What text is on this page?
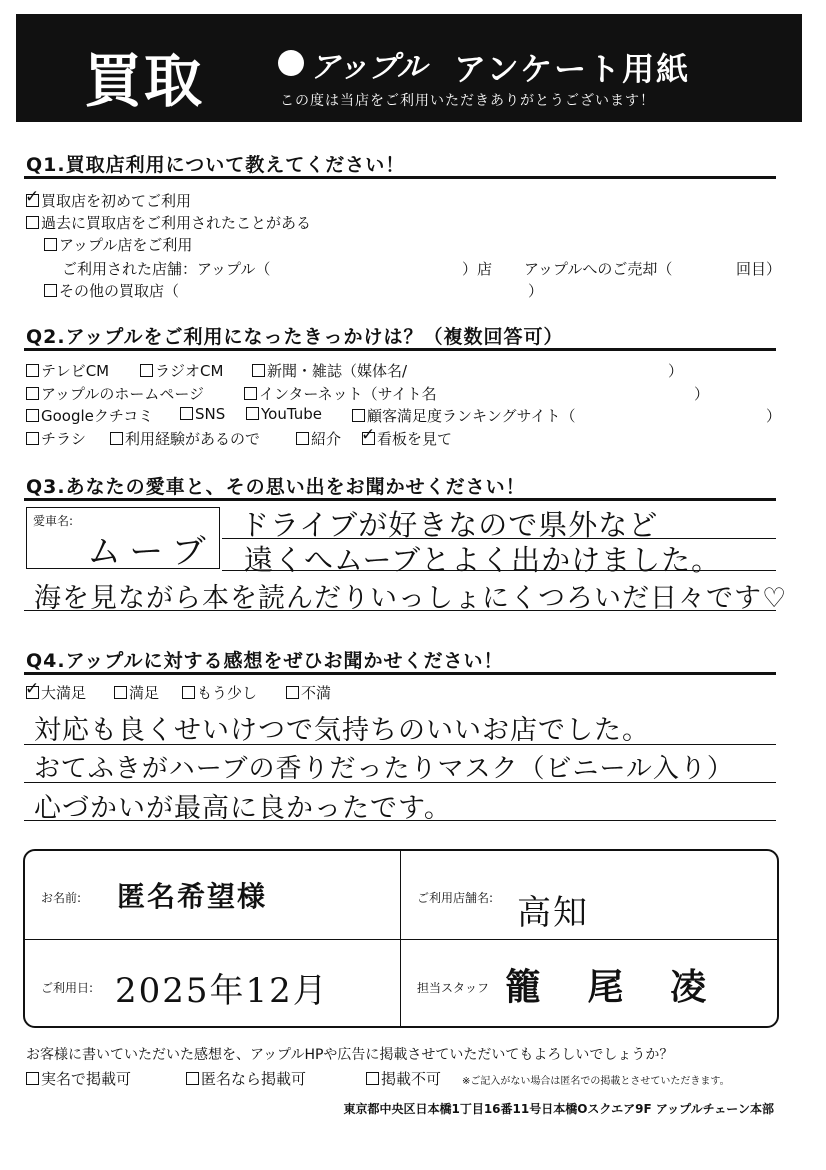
買取	アップル アンケート用紙
この度は当店をご利用いただきありがとうございます！
Q1.買取店利用について教えてください！
✓買取店を初めてご利用
過去に買取店をご利用されたことがある
アップル店をご利用
ご利用された店舗：アップル（	）店 アップルへのご売却（	回目）
その他の買取店（	）
Q2.アップルをご利用になったきっかけは？（複数回答可）
テレビCM	ラジオCM	新聞・雑誌（媒体名/	）
アップルのホームページ	インターネット（サイト名	）
Googleクチコミ	SNS	YouTube	顧客満足度ランキングサイト（	）
チラシ	利用経験があるので	紹介
✓	看板を見て
Q3.あなたの愛車と、その思い出をお聞かせください！
愛車名:
ムーブ
ドライブが好きなので県外など
遠くへムーブとよく出かけました。
海を見ながら本を読んだりいっしょにくつろいだ日々です♡
Q4.アップルに対する感想をぜひお聞かせください！
✓大満足	満足	もう少し	不満
対応も良くせいけつで気持ちのいいお店でした。
おてふきがハーブの香りだったりマスク（ビニール入り）
心づかいが最高に良かったです。
お名前: 匿名希望様	ご利用店舗名: 高知
ご利用日: 2025年12月	担当スタッフ 籠 尾 凌
お客様に書いていただいた感想を、アップルHPや広告に掲載させていただいてもよろしいでしょうか？
実名で掲載可	匿名なら掲載可	掲載不可 ※ご記入がない場合は匿名での掲載とさせていただきます。
東京都中央区日本橋1丁目16番11号日本橋Oスクエア9F アップルチェーン本部
